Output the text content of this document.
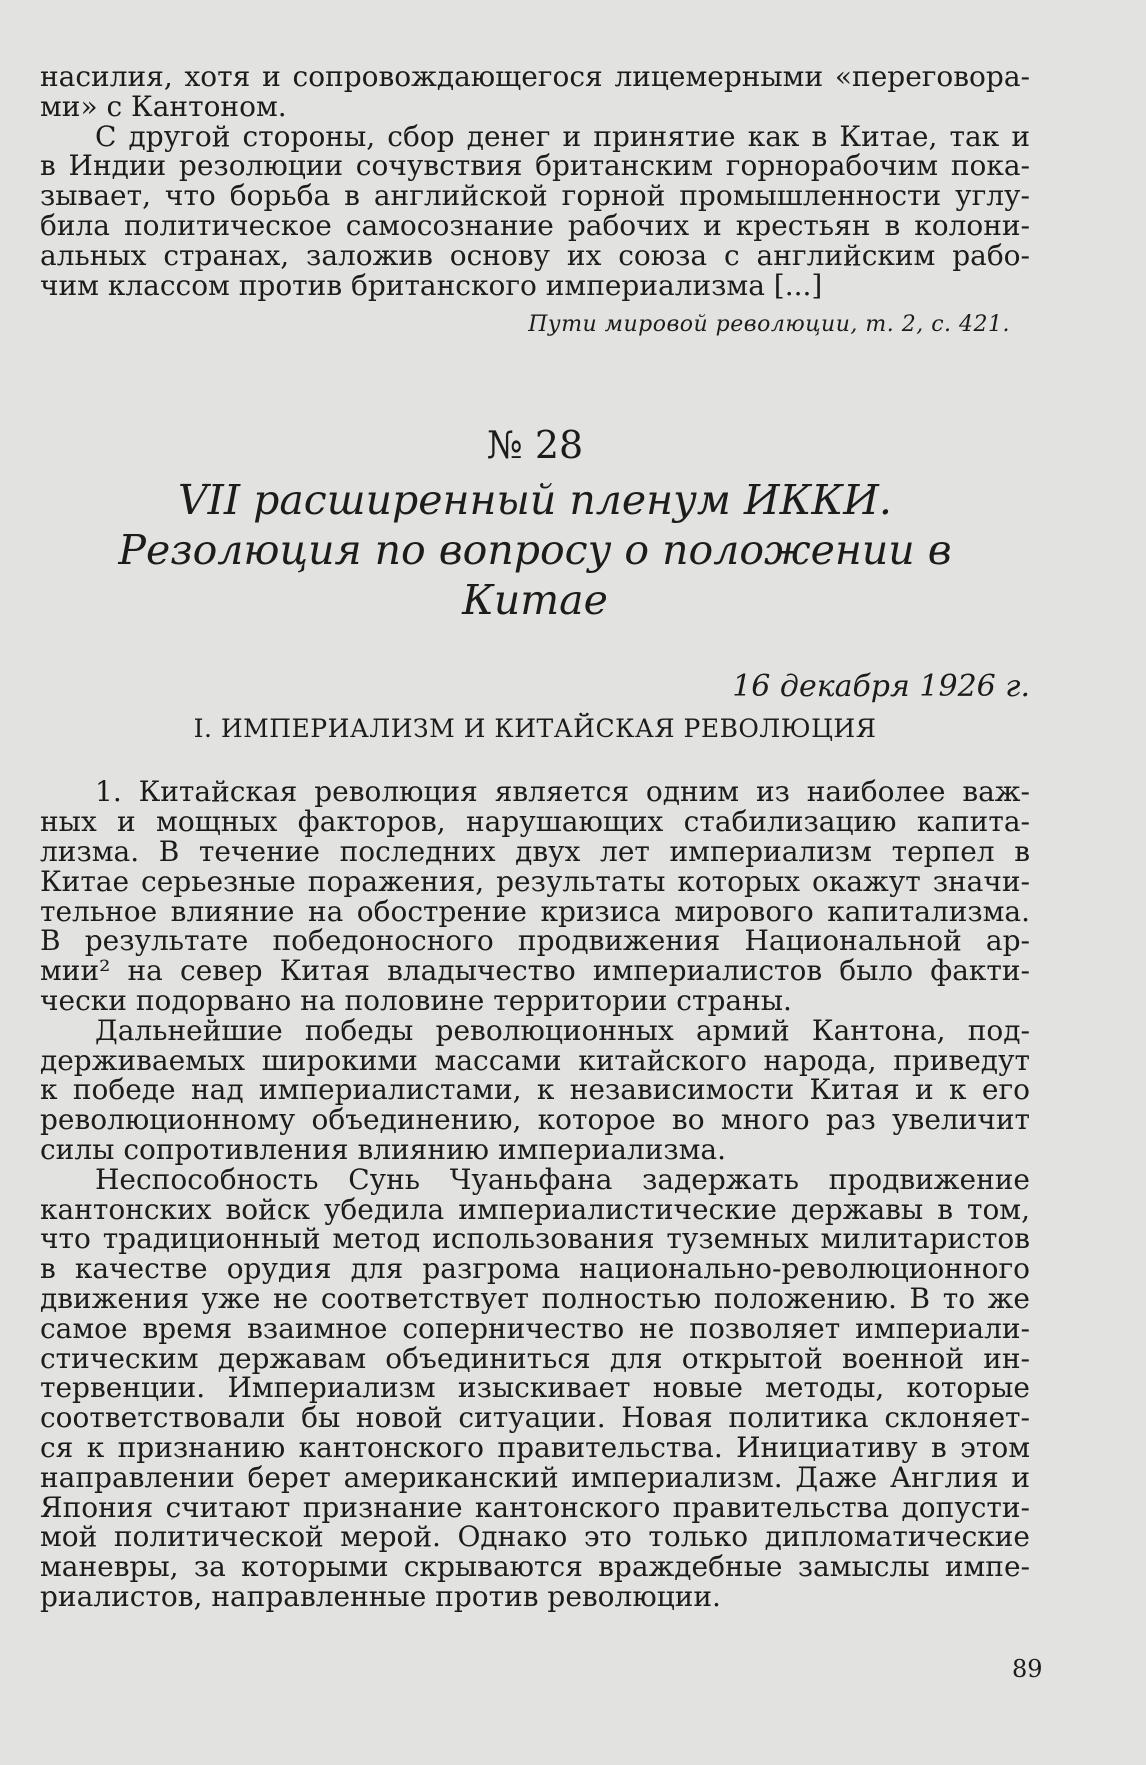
насилия, хотя и сопровождающегося лицемерными «переговора-
ми» с Кантоном.

С другой стороны, сбор денег и принятие как в Китае, так и
в Индии резолюции сочувствия британским горнорабочим пока-
зывает, что борьба в английской горной промышленности углу-
била политическое самосознание рабочих и крестьян в колони-
альных странах, заложив основу их союза с английским рабо-
чим классом против британского империализма [...]

Пути мировой революции, т. 2, с. 421.
№ 28
VII расширенный пленум ИККИ.
Резолюция по вопросу о положении в Китае
16 декабря 1926 г.
I. ИМПЕРИАЛИЗМ И КИТАЙСКАЯ РЕВОЛЮЦИЯ

1. Китайская революция является одним из наиболее важ-
ных и мощных факторов, нарушающих стабилизацию капита-
лизма. В течение последних двух лет империализм терпел в
Китае серьезные поражения, результаты которых окажут значи-
тельное влияние на обострение кризиса мирового капитализма.
В результате победоносного продвижения Национальной ар-
мии² на север Китая владычество империалистов было факти-
чески подорвано на половине территории страны.

Дальнейшие победы революционных армий Кантона, под-
держиваемых широкими массами китайского народа, приведут
к победе над империалистами, к независимости Китая и к его
революционному объединению, которое во много раз увеличит
силы сопротивления влиянию империализма.

Неспособность Сунь Чуаньфана задержать продвижение
кантонских войск убедила империалистические державы в том,
что традиционный метод использования туземных милитаристов
в качестве орудия для разгрома национально-революционного
движения уже не соответствует полностью положению. В то же
самое время взаимное соперничество не позволяет империали-
стическим державам объединиться для открытой военной ин-
тервенции. Империализм изыскивает новые методы, которые
соответствовали бы новой ситуации. Новая политика склоняет-
ся к признанию кантонского правительства. Инициативу в этом
направлении берет американский империализм. Даже Англия и
Япония считают признание кантонского правительства допусти-
мой политической мерой. Однако это только дипломатические
маневры, за которыми скрываются враждебные замыслы импе-
риалистов, направленные против революции.

89
